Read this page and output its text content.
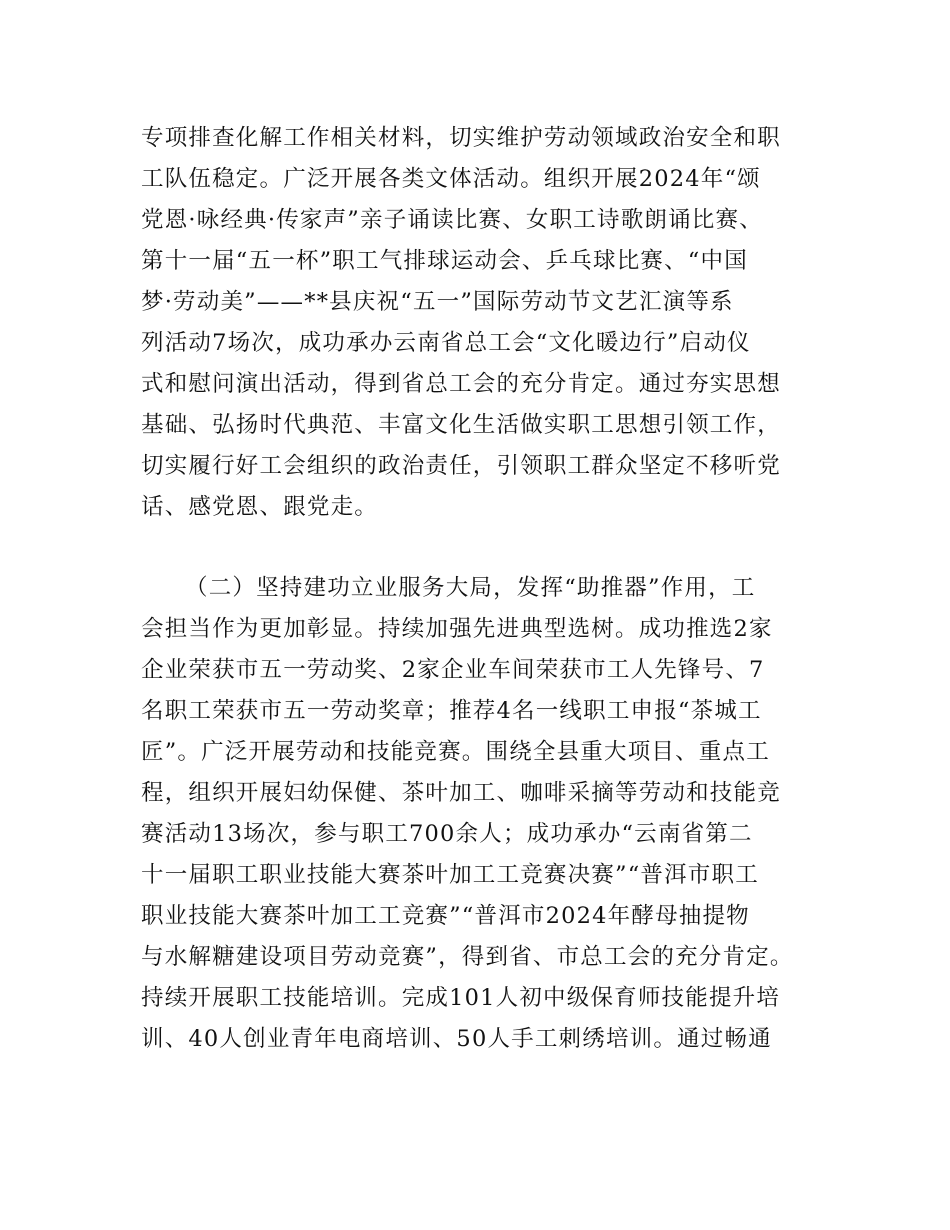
专项排查化解工作相关材料，切实维护劳动领域政治安全和职
工队伍稳定。广泛开展各类文体活动。组织开展2024年“颂
党恩·咏经典·传家声”亲子诵读比赛、女职工诗歌朗诵比赛、
第十一届“五一杯”职工气排球运动会、乒乓球比赛、“中国
梦·劳动美”——**县庆祝“五一”国际劳动节文艺汇演等系
列活动7场次，成功承办云南省总工会“文化暖边行”启动仪
式和慰问演出活动，得到省总工会的充分肯定。通过夯实思想
基础、弘扬时代典范、丰富文化生活做实职工思想引领工作，
切实履行好工会组织的政治责任，引领职工群众坚定不移听党
话、感党恩、跟党走。
（二）坚持建功立业服务大局，发挥“助推器”作用，工
会担当作为更加彰显。持续加强先进典型选树。成功推选2家
企业荣获市五一劳动奖、2家企业车间荣获市工人先锋号、7
名职工荣获市五一劳动奖章；推荐4名一线职工申报“茶城工
匠”。广泛开展劳动和技能竞赛。围绕全县重大项目、重点工
程，组织开展妇幼保健、茶叶加工、咖啡采摘等劳动和技能竞
赛活动13场次，参与职工700余人；成功承办“云南省第二
十一届职工职业技能大赛茶叶加工工竞赛决赛”“普洱市职工
职业技能大赛茶叶加工工竞赛”“普洱市2024年酵母抽提物
与水解糖建设项目劳动竞赛”，得到省、市总工会的充分肯定。
持续开展职工技能培训。完成101人初中级保育师技能提升培
训、40人创业青年电商培训、50人手工刺绣培训。通过畅通
